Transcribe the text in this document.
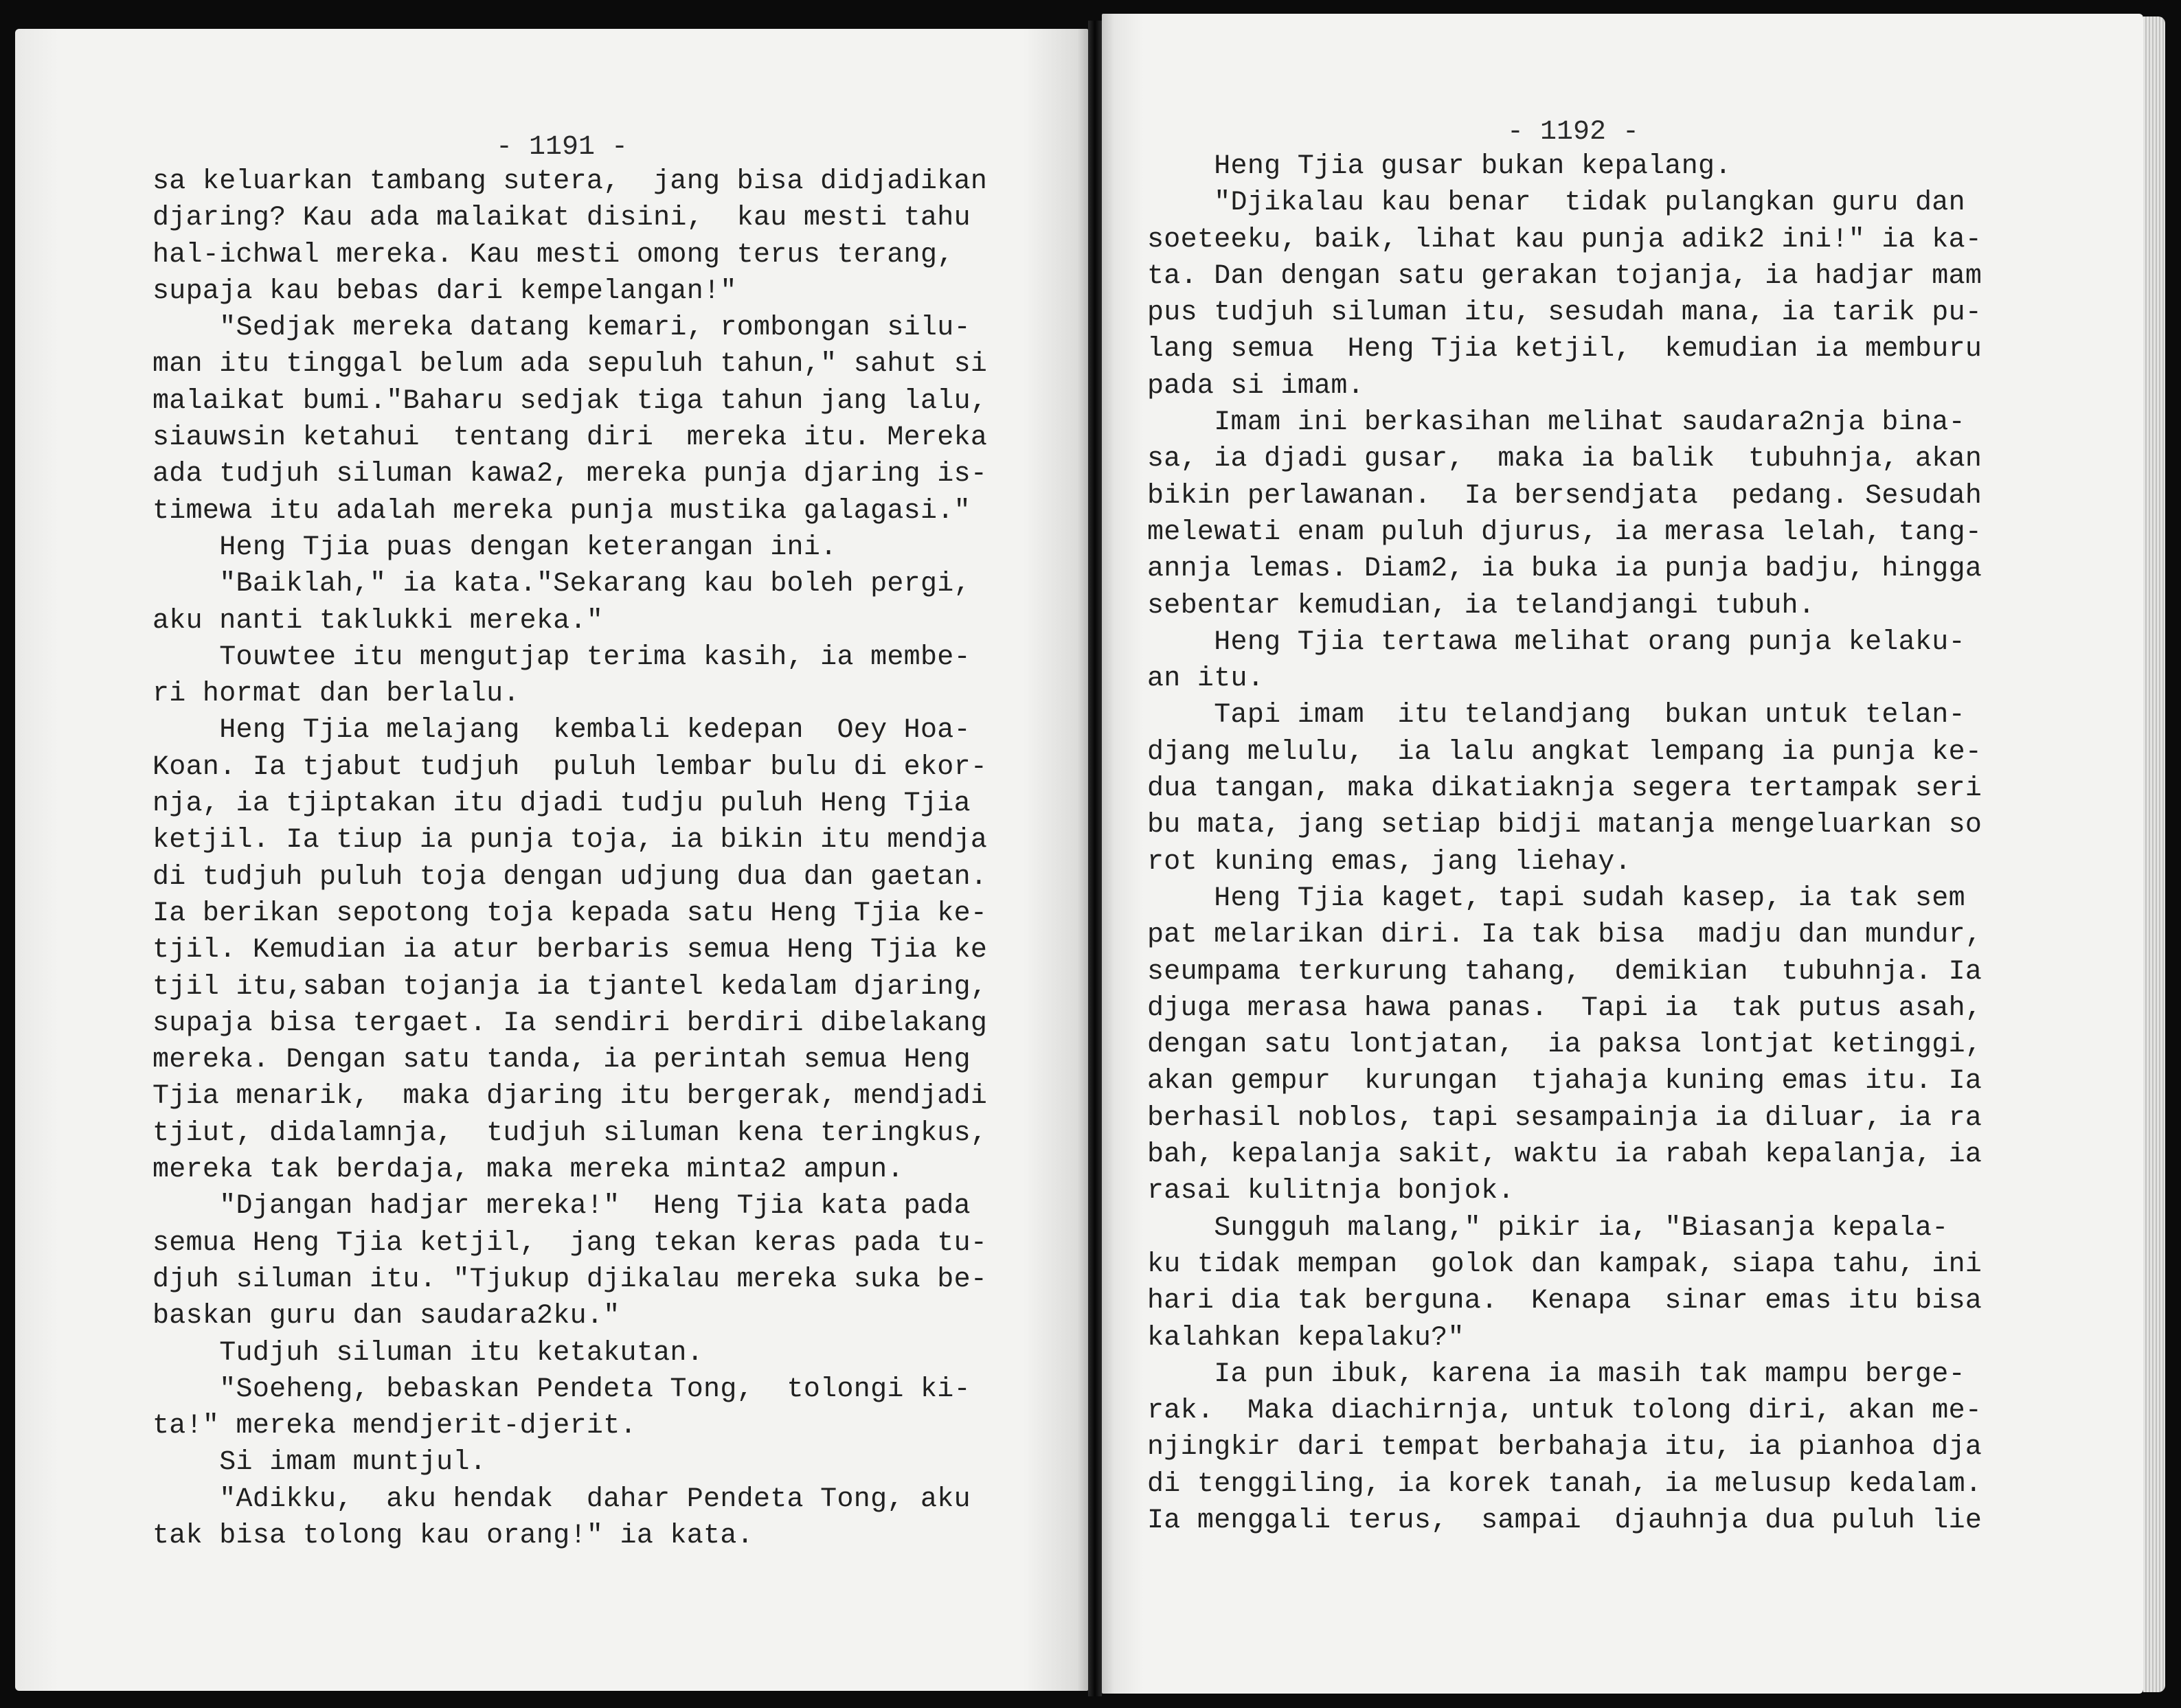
- 1191 -
sa keluarkan tambang sutera,  jang bisa didjadikan
djaring? Kau ada malaikat disini,  kau mesti tahu
hal-ichwal mereka. Kau mesti omong terus terang,
supaja kau bebas dari kempelangan!"
"Sedjak mereka datang kemari, rombongan silu-
man itu tinggal belum ada sepuluh tahun," sahut si
malaikat bumi."Baharu sedjak tiga tahun jang lalu,
siauwsin ketahui  tentang diri  mereka itu. Mereka
ada tudjuh siluman kawa2, mereka punja djaring is-
timewa itu adalah mereka punja mustika galagasi."
Heng Tjia puas dengan keterangan ini.
"Baiklah," ia kata."Sekarang kau boleh pergi,
aku nanti taklukki mereka."
Touwtee itu mengutjap terima kasih, ia membe-
ri hormat dan berlalu.
Heng Tjia melajang  kembali kedepan  Oey Hoa-
Koan. Ia tjabut tudjuh  puluh lembar bulu di ekor-
nja, ia tjiptakan itu djadi tudju puluh Heng Tjia
ketjil. Ia tiup ia punja toja, ia bikin itu mendja
di tudjuh puluh toja dengan udjung dua dan gaetan.
Ia berikan sepotong toja kepada satu Heng Tjia ke-
tjil. Kemudian ia atur berbaris semua Heng Tjia ke
tjil itu,saban tojanja ia tjantel kedalam djaring,
supaja bisa tergaet. Ia sendiri berdiri dibelakang
mereka. Dengan satu tanda, ia perintah semua Heng
Tjia menarik,  maka djaring itu bergerak, mendjadi
tjiut, didalamnja,  tudjuh siluman kena teringkus,
mereka tak berdaja, maka mereka minta2 ampun.
"Djangan hadjar mereka!"  Heng Tjia kata pada
semua Heng Tjia ketjil,  jang tekan keras pada tu-
djuh siluman itu. "Tjukup djikalau mereka suka be-
baskan guru dan saudara2ku."
Tudjuh siluman itu ketakutan.
"Soeheng, bebaskan Pendeta Tong,  tolongi ki-
ta!" mereka mendjerit-djerit.
Si imam muntjul.
"Adikku,  aku hendak  dahar Pendeta Tong, aku
tak bisa tolong kau orang!" ia kata.
- 1192 -
Heng Tjia gusar bukan kepalang.
"Djikalau kau benar  tidak pulangkan guru dan
soeteeku, baik, lihat kau punja adik2 ini!" ia ka-
ta. Dan dengan satu gerakan tojanja, ia hadjar mam
pus tudjuh siluman itu, sesudah mana, ia tarik pu-
lang semua  Heng Tjia ketjil,  kemudian ia memburu
pada si imam.
Imam ini berkasihan melihat saudara2nja bina-
sa, ia djadi gusar,  maka ia balik  tubuhnja, akan
bikin perlawanan.  Ia bersendjata  pedang. Sesudah
melewati enam puluh djurus, ia merasa lelah, tang-
annja lemas. Diam2, ia buka ia punja badju, hingga
sebentar kemudian, ia telandjangi tubuh.
Heng Tjia tertawa melihat orang punja kelaku-
an itu.
Tapi imam  itu telandjang  bukan untuk telan-
djang melulu,  ia lalu angkat lempang ia punja ke-
dua tangan, maka dikatiaknja segera tertampak seri
bu mata, jang setiap bidji matanja mengeluarkan so
rot kuning emas, jang liehay.
Heng Tjia kaget, tapi sudah kasep, ia tak sem
pat melarikan diri. Ia tak bisa  madju dan mundur,
seumpama terkurung tahang,  demikian  tubuhnja. Ia
djuga merasa hawa panas.  Tapi ia  tak putus asah,
dengan satu lontjatan,  ia paksa lontjat ketinggi,
akan gempur  kurungan  tjahaja kuning emas itu. Ia
berhasil noblos, tapi sesampainja ia diluar, ia ra
bah, kepalanja sakit, waktu ia rabah kepalanja, ia
rasai kulitnja bonjok.
Sungguh malang," pikir ia, "Biasanja kepala-
ku tidak mempan  golok dan kampak, siapa tahu, ini
hari dia tak berguna.  Kenapa  sinar emas itu bisa
kalahkan kepalaku?"
Ia pun ibuk, karena ia masih tak mampu berge-
rak.  Maka diachirnja, untuk tolong diri, akan me-
njingkir dari tempat berbahaja itu, ia pianhoa dja
di tenggiling, ia korek tanah, ia melusup kedalam.
Ia menggali terus,  sampai  djauhnja dua puluh lie
